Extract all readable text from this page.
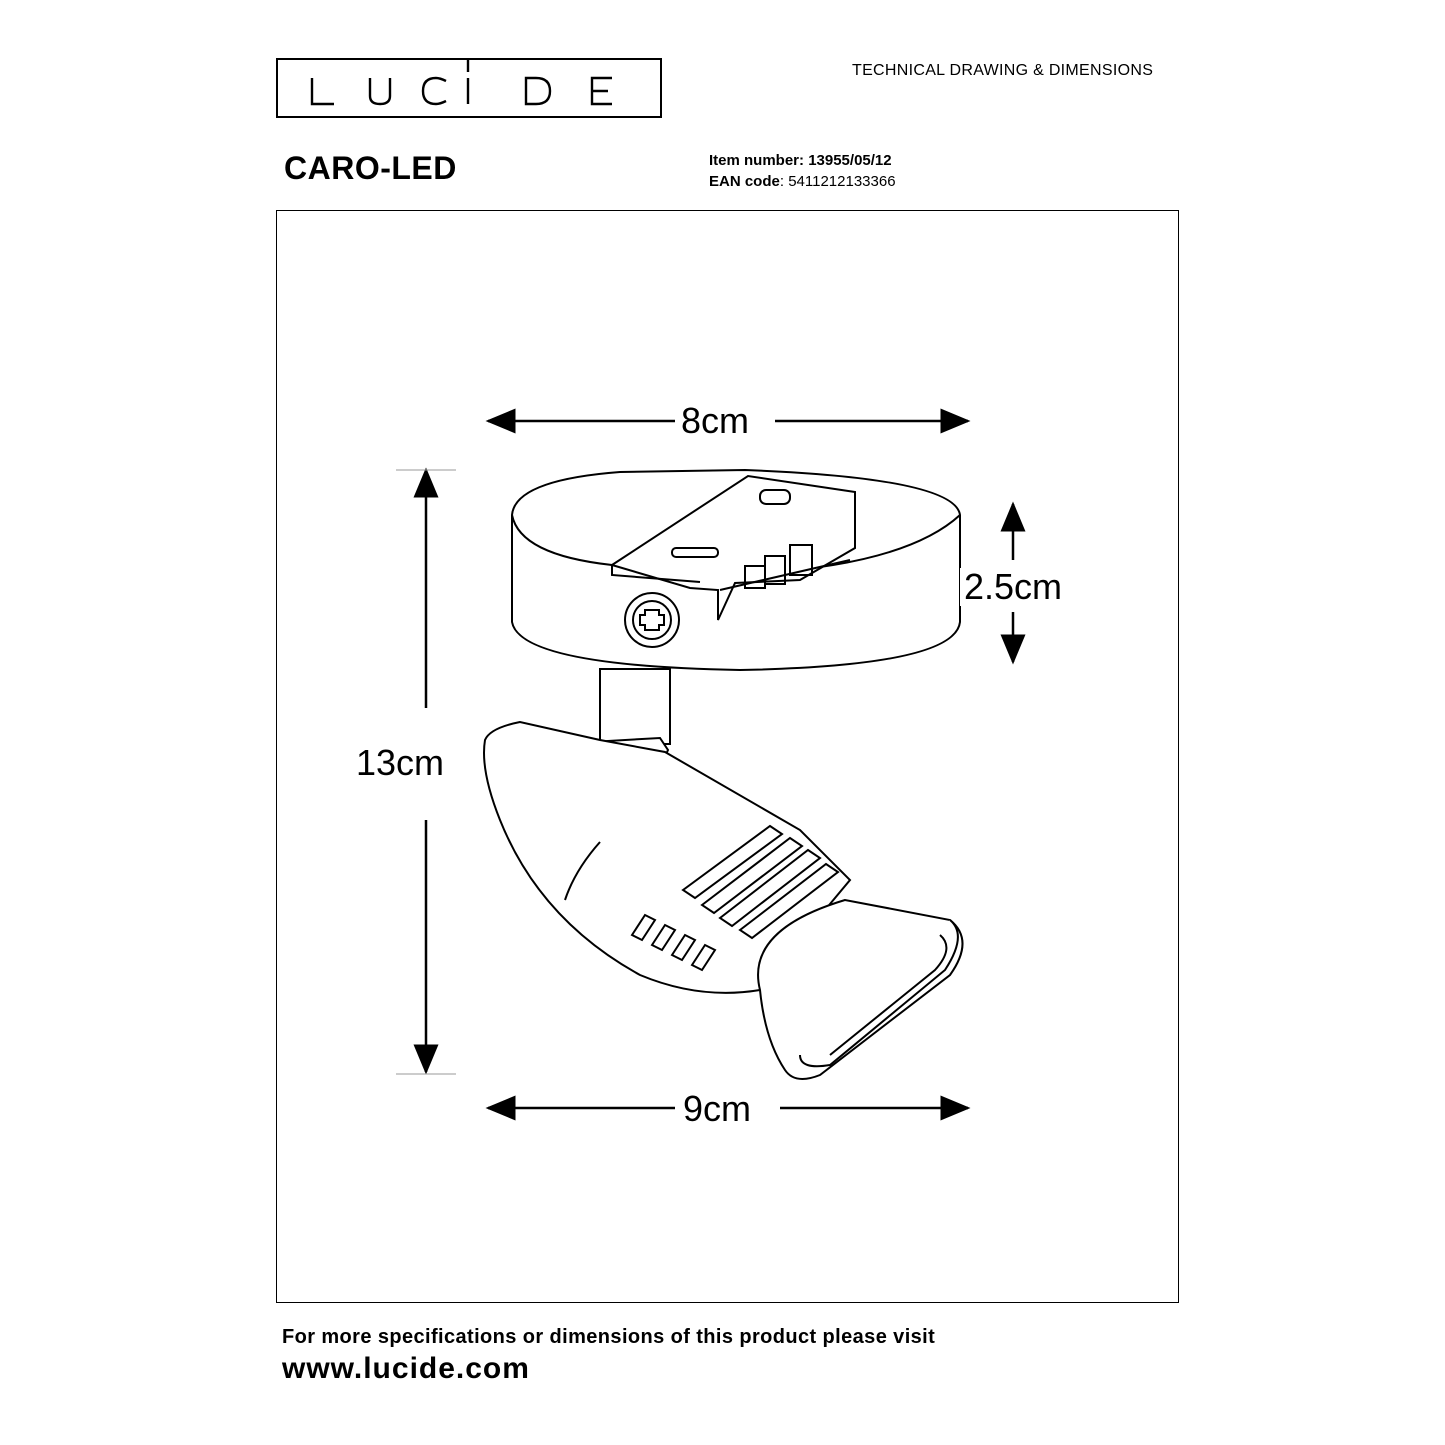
TECHNICAL DRAWING & DIMENSIONS
CARO-LED	Item number: 13955/05/12
EAN code: 5411212133366
8cm
13cm
2.5cm
9cm
For more specifications or dimensions of this product please visit
www.lucide.com
